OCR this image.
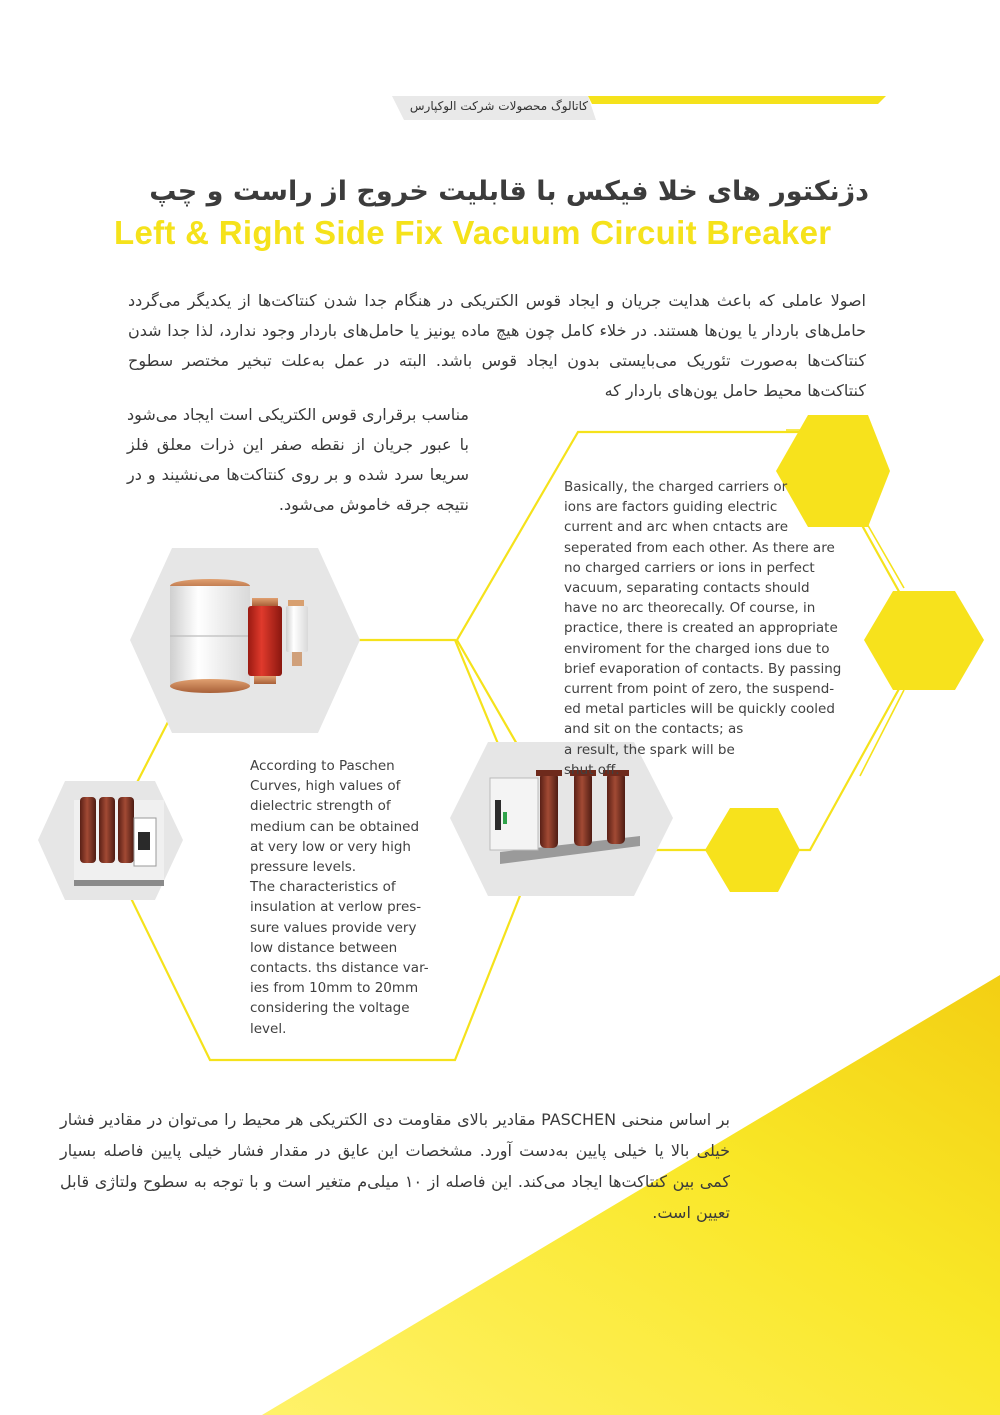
کاتالوگ محصولات شرکت الوکپارس
دژنکتور های خلا فیکس با قابلیت خروج از راست و چپ
Left & Right Side Fix Vacuum Circuit Breaker
اصولا عاملی که باعث هدایت جریان و ایجاد قوس الکتریکی در هنگام جدا شدن کنتاکت‌ها از یکدیگر می‌گردد حامل‌های باردار یا یون‌ها هستند. در خلاء کامل چون هیچ ماده یونیز یا حامل‌های باردار وجود ندارد، لذا جدا شدن کنتاکت‌ها به‌صورت تئوریک می‌بایستی بدون ایجاد قوس باشد. البته در عمل به‌علت تبخیر مختصر سطوح کنتاکت‌ها محیط حامل یون‌های باردار که
مناسب برقراری قوس الکتریکی است ایجاد می‌شود با عبور جریان از نقطه صفر این ذرات معلق فلز سریعا سرد شده و بر روی کنتاکت‌ها می‌نشیند و در نتیجه جرقه خاموش می‌شود.
Basically, the charged carriers or
ions are factors guiding electric
current and arc when cntacts are
seperated from each other. As there are
no charged carriers or ions in perfect
vacuum, separating contacts should
have no arc theorecally. Of course, in
practice, there is created an appropriate
enviroment for the charged ions due to
brief evaporation of contacts. By passing
current from point of zero, the suspend-
ed metal particles will be quickly cooled
and sit on the contacts; as
a result, the spark will be
shut off.
According to Paschen
Curves, high values of
dielectric strength of
medium can be obtained
at very low or very high
pressure levels.
The characteristics of
insulation at verlow pres-
sure values provide very
low distance between
contacts. ths distance var-
ies from 10mm to 20mm
considering the voltage
level.
بر اساس منحنی PASCHEN مقادیر بالای مقاومت دی الکتریکی هر محیط را می‌توان در مقادیر فشار خیلی بالا یا خیلی پایین به‌دست آورد. مشخصات این عایق در مقدار فشار خیلی پایین فاصله بسیار کمی بین کنتاکت‌ها ایجاد می‌کند. این فاصله از ۱۰ میلی‌م متغیر است و با توجه به سطوح ولتاژی قابل تعیین است.
